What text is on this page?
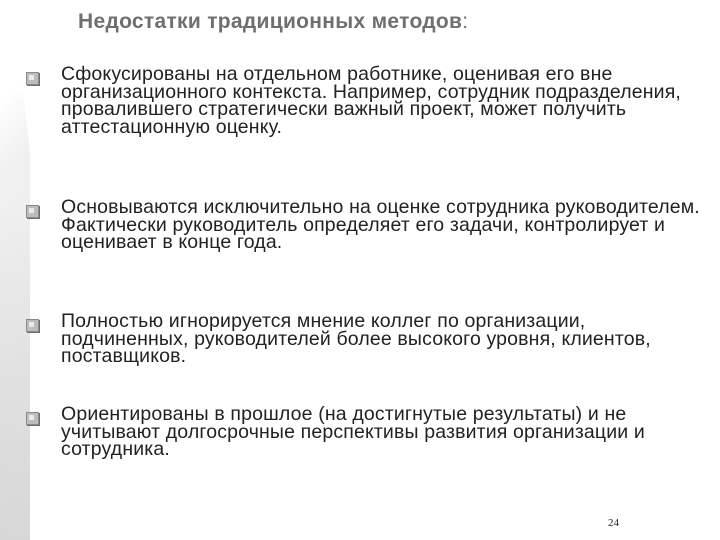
Недостатки традиционных методов:
Сфокусированы на отдельном работнике, оценивая его вне организационного контекста. Например, сотрудник подразделения, провалившего стратегически важный проект, может получить аттестационную оценку.
Основываются исключительно на оценке сотрудника руководителем. Фактически руководитель определяет его задачи, контролирует и оценивает в конце года.
Полностью игнорируется мнение коллег по организации, подчиненных, руководителей более высокого уровня, клиентов, поставщиков.
Ориентированы в прошлое (на достигнутые результаты) и не учитывают долгосрочные перспективы развития организации и сотрудника.
24
